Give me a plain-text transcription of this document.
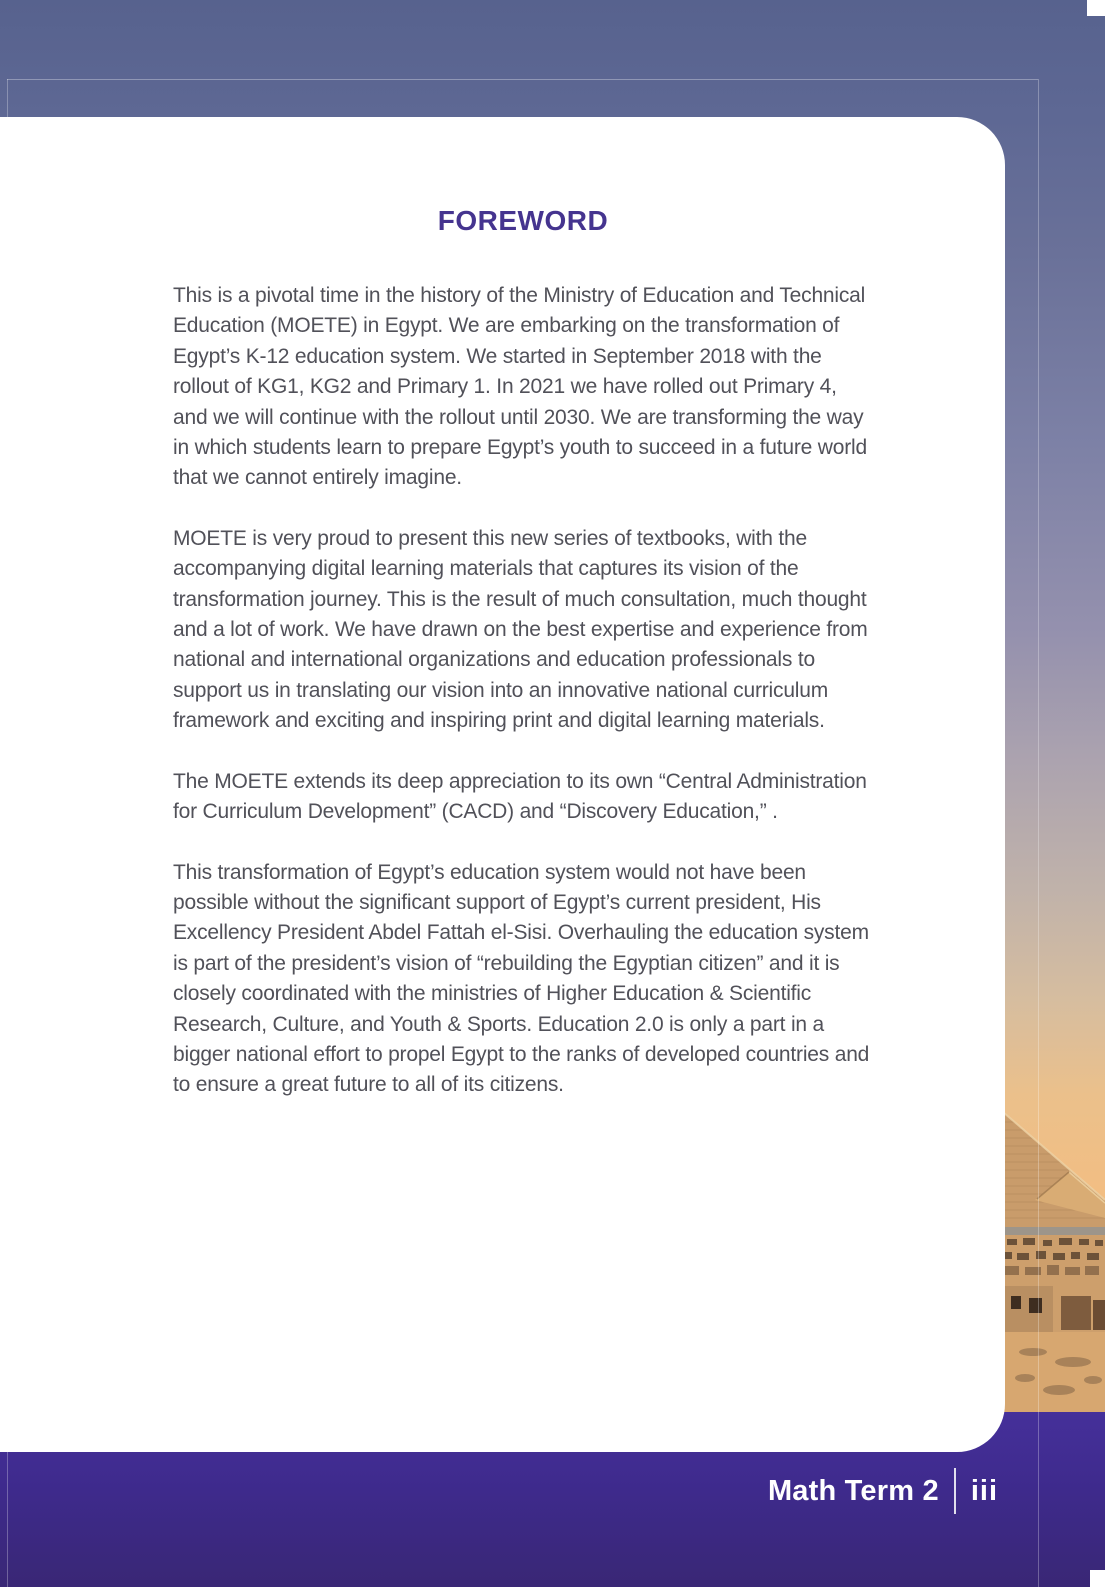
Math Term 2 iii
FOREWORD

This is a pivotal time in the history of the Ministry of Education and Technical Education (MOETE) in Egypt. We are embarking on the transformation of Egypt’s K-12 education system. We started in September 2018 with the rollout of KG1, KG2 and Primary 1. In 2021 we have rolled out Primary 4, and we will continue with the rollout until 2030. We are transforming the way in which students learn to prepare Egypt’s youth to succeed in a future world that we cannot entirely imagine.

MOETE is very proud to present this new series of textbooks, with the accompanying digital learning materials that captures its vision of the transformation journey. This is the result of much consultation, much thought and a lot of work. We have drawn on the best expertise and experience from national and international organizations and education professionals to support us in translating our vision into an innovative national curriculum framework and exciting and inspiring print and digital learning materials.

The MOETE extends its deep appreciation to its own “Central Administration for Curriculum Development” (CACD) and “Discovery Education,” .

This transformation of Egypt’s education system would not have been possible without the significant support of Egypt’s current president, His Excellency President Abdel Fattah el-Sisi. Overhauling the education system is part of the president’s vision of “rebuilding the Egyptian citizen” and it is closely coordinated with the ministries of Higher Education & Scientific Research, Culture, and Youth & Sports. Education 2.0 is only a part in a bigger national effort to propel Egypt to the ranks of developed countries and to ensure a great future to all of its citizens.
